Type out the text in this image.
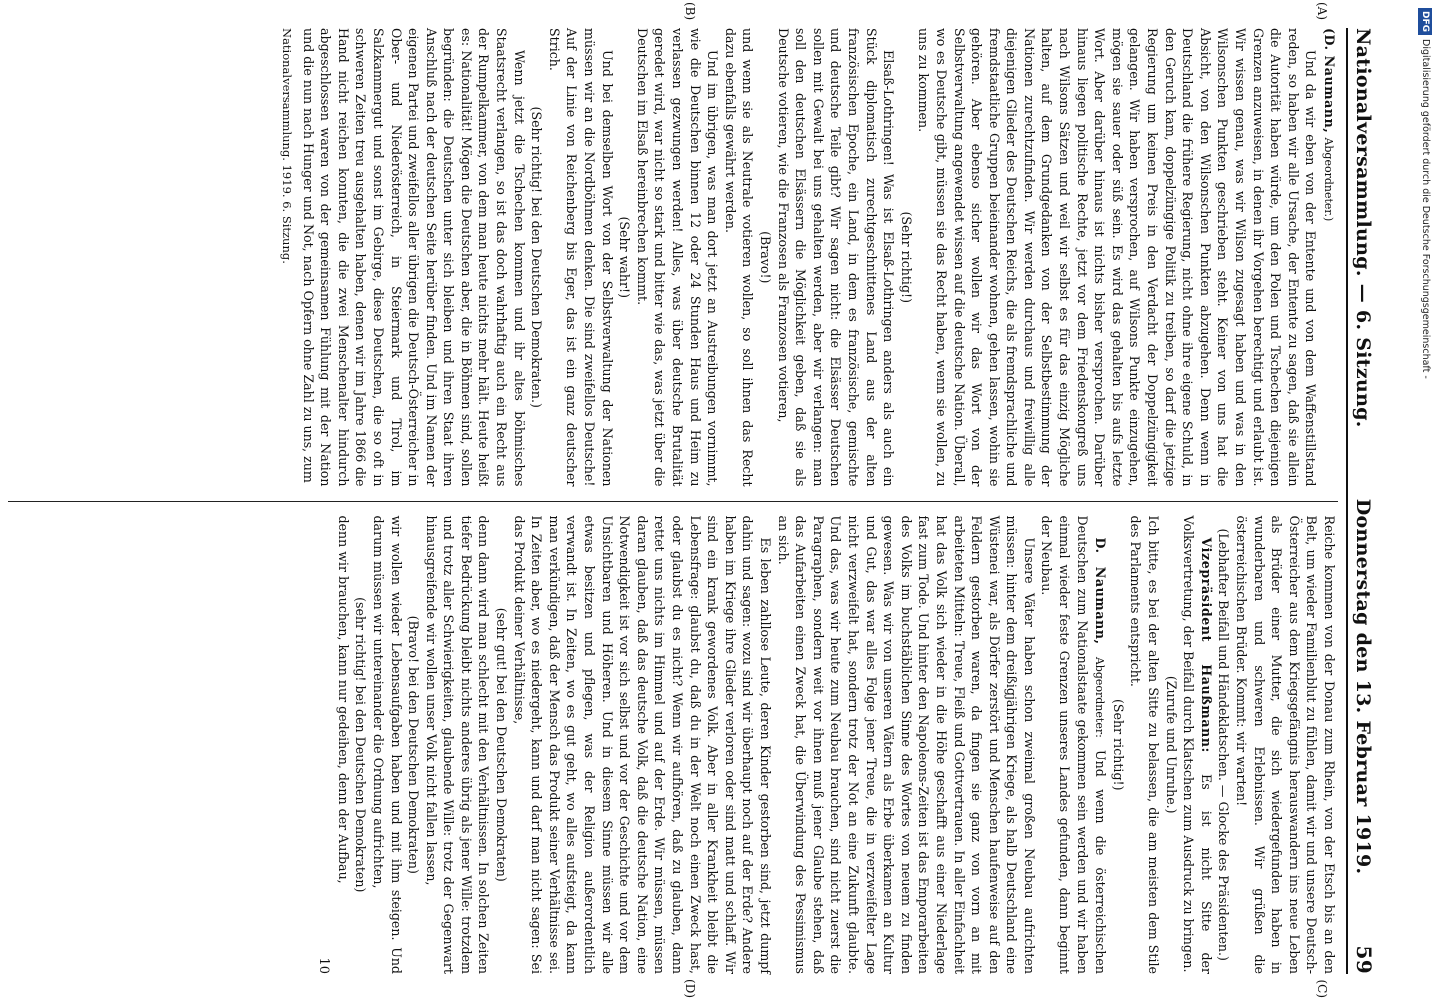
Nationalversammlung. — 6. Sitzung.
Donnerstag den 13. Februar 1919.
59
(A)
(B)

(D. Naumann, Abgeordneter.)

Und da wir eben von der Entente und von dem Waffenstillstand reden, so haben wir alle Ursache, der Entente zu sagen, daß sie allein die Autorität haben würde, um den Polen und Tschechen diejenigen Grenzen anzuweisen, in denen ihr Vorgehen berechtigt und erlaubt ist. Wir wissen genau, was wir Wilson zugesagt haben und was in den Wilsonschen Punkten geschrieben steht. Keiner von uns hat die Absicht, von den Wilsonschen Punkten abzugehen. Denn wenn in Deutschland die frühere Regierung, nicht ohne ihre eigene Schuld, in den Geruch kam, doppelzüngige Politik zu treiben, so darf die jetzige Regierung um keinen Preis in den Verdacht der Doppelzüngigkeit gelangen. Wir haben versprochen, auf Wilsons Punkte einzugehen, mögen sie sauer oder süß sein. Es wird das gehalten bis aufs letzte Wort. Aber darüber hinaus ist nichts bisher versprochen. Darüber hinaus liegen politische Rechte, jetzt vor dem Friedenskongreß uns nach Wilsons Sätzen und weil wir selbst es für das einzig Mögliche halten, auf dem Grundgedanken von der Selbstbestimmung der Nationen zurechtzufinden. Wir werden durchaus und freiwillig alle diejenigen Glieder des Deutschen Reichs, die als fremdsprachliche und fremdstaatliche Gruppen beieinander wohnen, gehen lassen, wohin sie gehören. Aber ebenso sicher wollen wir das Wort von der Selbstverwaltung angewendet wissen auf die deutsche Nation. Überall, wo es Deutsche gibt, müssen sie das Recht haben, wenn sie wollen, zu uns zu kommen.

(Sehr richtig!)

Elsaß-Lothringen! Was ist Elsaß-Lothringen anders als auch ein Stück diplomatisch zurechtgeschnittenes Land aus der alten französischen Epoche, ein Land, in dem es französische, gemischte und deutsche Teile gibt? Wir sagen nicht: die Elsässer Deutschen sollen mit Gewalt bei uns gehalten werden, aber wir verlangen: man soll den deutschen Elsässern die Möglichkeit geben, daß sie als Deutsche votieren, wie die Franzosen als Franzosen votieren,

(Bravo!)

und wenn sie als Neutrale votieren wollen, so soll ihnen das Recht dazu ebenfalls gewährt werden.

Und im übrigen, was man dort jetzt an Austreibungen vornimmt, wie die Deutschen binnen 12 oder 24 Stunden Haus und Heim zu verlassen gezwungen werden! Alles, was über deutsche Brutalität geredet wird, war nicht so stark und bitter wie das, was jetzt über die Deutschen im Elsaß hereinbrechen kommt.

(Sehr wahr!)

Und bei demselben Wort von der Selbstverwaltung der Nationen müssen wir an die Nordböhmen denken. Die sind zweifellos Deutsche! Auf der Linie von Reichenberg bis Eger, das ist ein ganz deutscher Strich.

(Sehr richtig! bei den Deutschen Demokraten.)

Wenn jetzt die Tschechen kommen und ihr altes böhmisches Staatsrecht verlangen, so ist das doch wahrhaftig auch ein Recht aus der Rumpelkammer, von dem man heute nichts mehr hält. Heute heißt es: Nationalität! Mögen die Deutschen aber, die in Böhmen sind, sollen begründen: die Deutschen unter sich bleiben und ihren Staat ihren Anschluß nach der deutschen Seite herüber finden. Und im Namen der eigenen Partei und zweifellos aller übrigen die Deutsch-Österreicher in Ober- und Niederösterreich, in Steiermark und Tirol, im Salzkammergut und sonst im Gebirge, diese Deutschen, die so oft in schweren Zeiten treu ausgehalten haben, denen wir im Jahre 1866 die Hand nicht reichen konnten, die die zwei Menschenalter hindurch abgeschlossen waren von der gemeinsamen Fühlung mit der Nation und die nun nach Hunger und Not, nach Opfern ohne Zahl zu uns, zum

Nationalversammlung. 1919. 6. Sitzung.
(C)
(D)

Reiche kommen von der Donau zum Rhein, von der Etsch bis an den Belt, um wieder Familienblut zu fühlen, damit wir und unsere Deutsch-Österreicher aus dem Kriegsgefängnis herauswandern ins neue Leben als Brüder einer Mutter, die sich wiedergefunden haben in wunderbaren und schweren Erlebnissen. Wir grüßen die österreichischen Brüder. Kommt: wir warten!

(Lebhafter Beifall und Händeklatschen. — Glocke des Präsidenten.)

Vizepräsident Haußmann: Es ist nicht Sitte der Volksvertretung, der Beifall durch Klatschen zum Ausdruck zu bringen.

(Zurufe und Unruhe.)

Ich bitte, es bei der alten Sitte zu belassen, die am meisten dem Stile des Parlaments entspricht.

(Sehr richtig!)

D. Naumann, Abgeordneter: Und wenn die österreichischen Deutschen zum Nationalstaate gekommen sein werden und wir haben einmal wieder feste Grenzen unseres Landes gefunden, dann beginnt der Neubau.

Unsere Väter haben schon zweimal großen Neubau aufrichten müssen: hinter dem dreißigjährigen Kriege, als halb Deutschland eine Wüstenei war, als Dörfer zerstört und Menschen haufenweise auf den Feldern gestorben waren, da fingen sie ganz von vorn an mit arbeiteten Mitteln: Treue, Fleiß und Gottvertrauen. In aller Einfachheit hat das Volk sich wieder in die Höhe geschafft aus einer Niederlage fast zum Tode. Und hinter den Napoleons-Zeiten ist das Emporarbeiten des Volks im buchstäblichen Sinne des Wortes von neuem zu finden gewesen. Was wir von unseren Vätern als Erbe überkamen an Kultur und Gut, das war alles Folge jener Treue, die in verzweifelter Lage nicht verzweifelt hat, sondern trotz der Not an eine Zukunft glaubte. Und das, was wir heute zum Neubau brauchen, sind nicht zuerst die Paragraphen, sondern weit vor ihnen muß jener Glaube stehen, daß das Aufarbeiten einen Zweck hat, die Überwindung des Pessimismus an sich.

Es leben zahllose Leute, deren Kinder gestorben sind, jetzt dumpf dahin und sagen: wozu sind wir überhaupt noch auf der Erde? Andere haben im Kriege ihre Glieder verloren oder sind matt und schlaff. Wir sind ein krank gewordenes Volk. Aber in aller Krankheit bleibt die Lebensfrage: glaubst du, daß du in der Welt noch einen Zweck hast, oder glaubst du es nicht? Wenn wir aufhören, daß zu glauben, dann rettet uns nichts im Himmel und auf der Erde. Wir müssen, müssen daran glauben, daß das deutsche Volk, daß die deutsche Nation, eine Notwendigkeit ist vor sich selbst und vor der Geschichte und vor dem Unsichtbaren und Höheren. Und in diesem Sinne müssen wir alle etwas besitzen und pflegen, was der Religion außerordentlich verwandt ist. In Zeiten, wo es gut geht, wo alles aufsteigt, da kann man verkündigen, daß der Mensch das Produkt seiner Verhältnisse sei. In Zeiten aber, wo es niedergeht, kann und darf man nicht sagen: Sei das Produkt deiner Verhältnisse,

(sehr gut! bei den Deutschen Demokraten)

denn dann wird man schlecht mit den Verhältnissen. In solchen Zeiten tiefer Bedrückung bleibt nichts anderes übrig als jener Wille: trotzdem und trotz aller Schwierigkeiten, glaubende Wille: trotz der Gegenwart hinausgreifende wir wollen unser Volk nicht fallen lassen,

(Bravo! bei den Deutschen Demokraten)

wir wollen wieder Lebensaufgaben haben und mit ihm steigen. Und darum müssen wir untereinander die Ordnung aufrichten,

(sehr richtig! bei den Deutschen Demokraten)

denn wir brauchen, kann nur gedeihen, denn der Aufbau,

10
DFGDigitalisierung gefördert durch die Deutsche Forschungsgemeinschaft -
